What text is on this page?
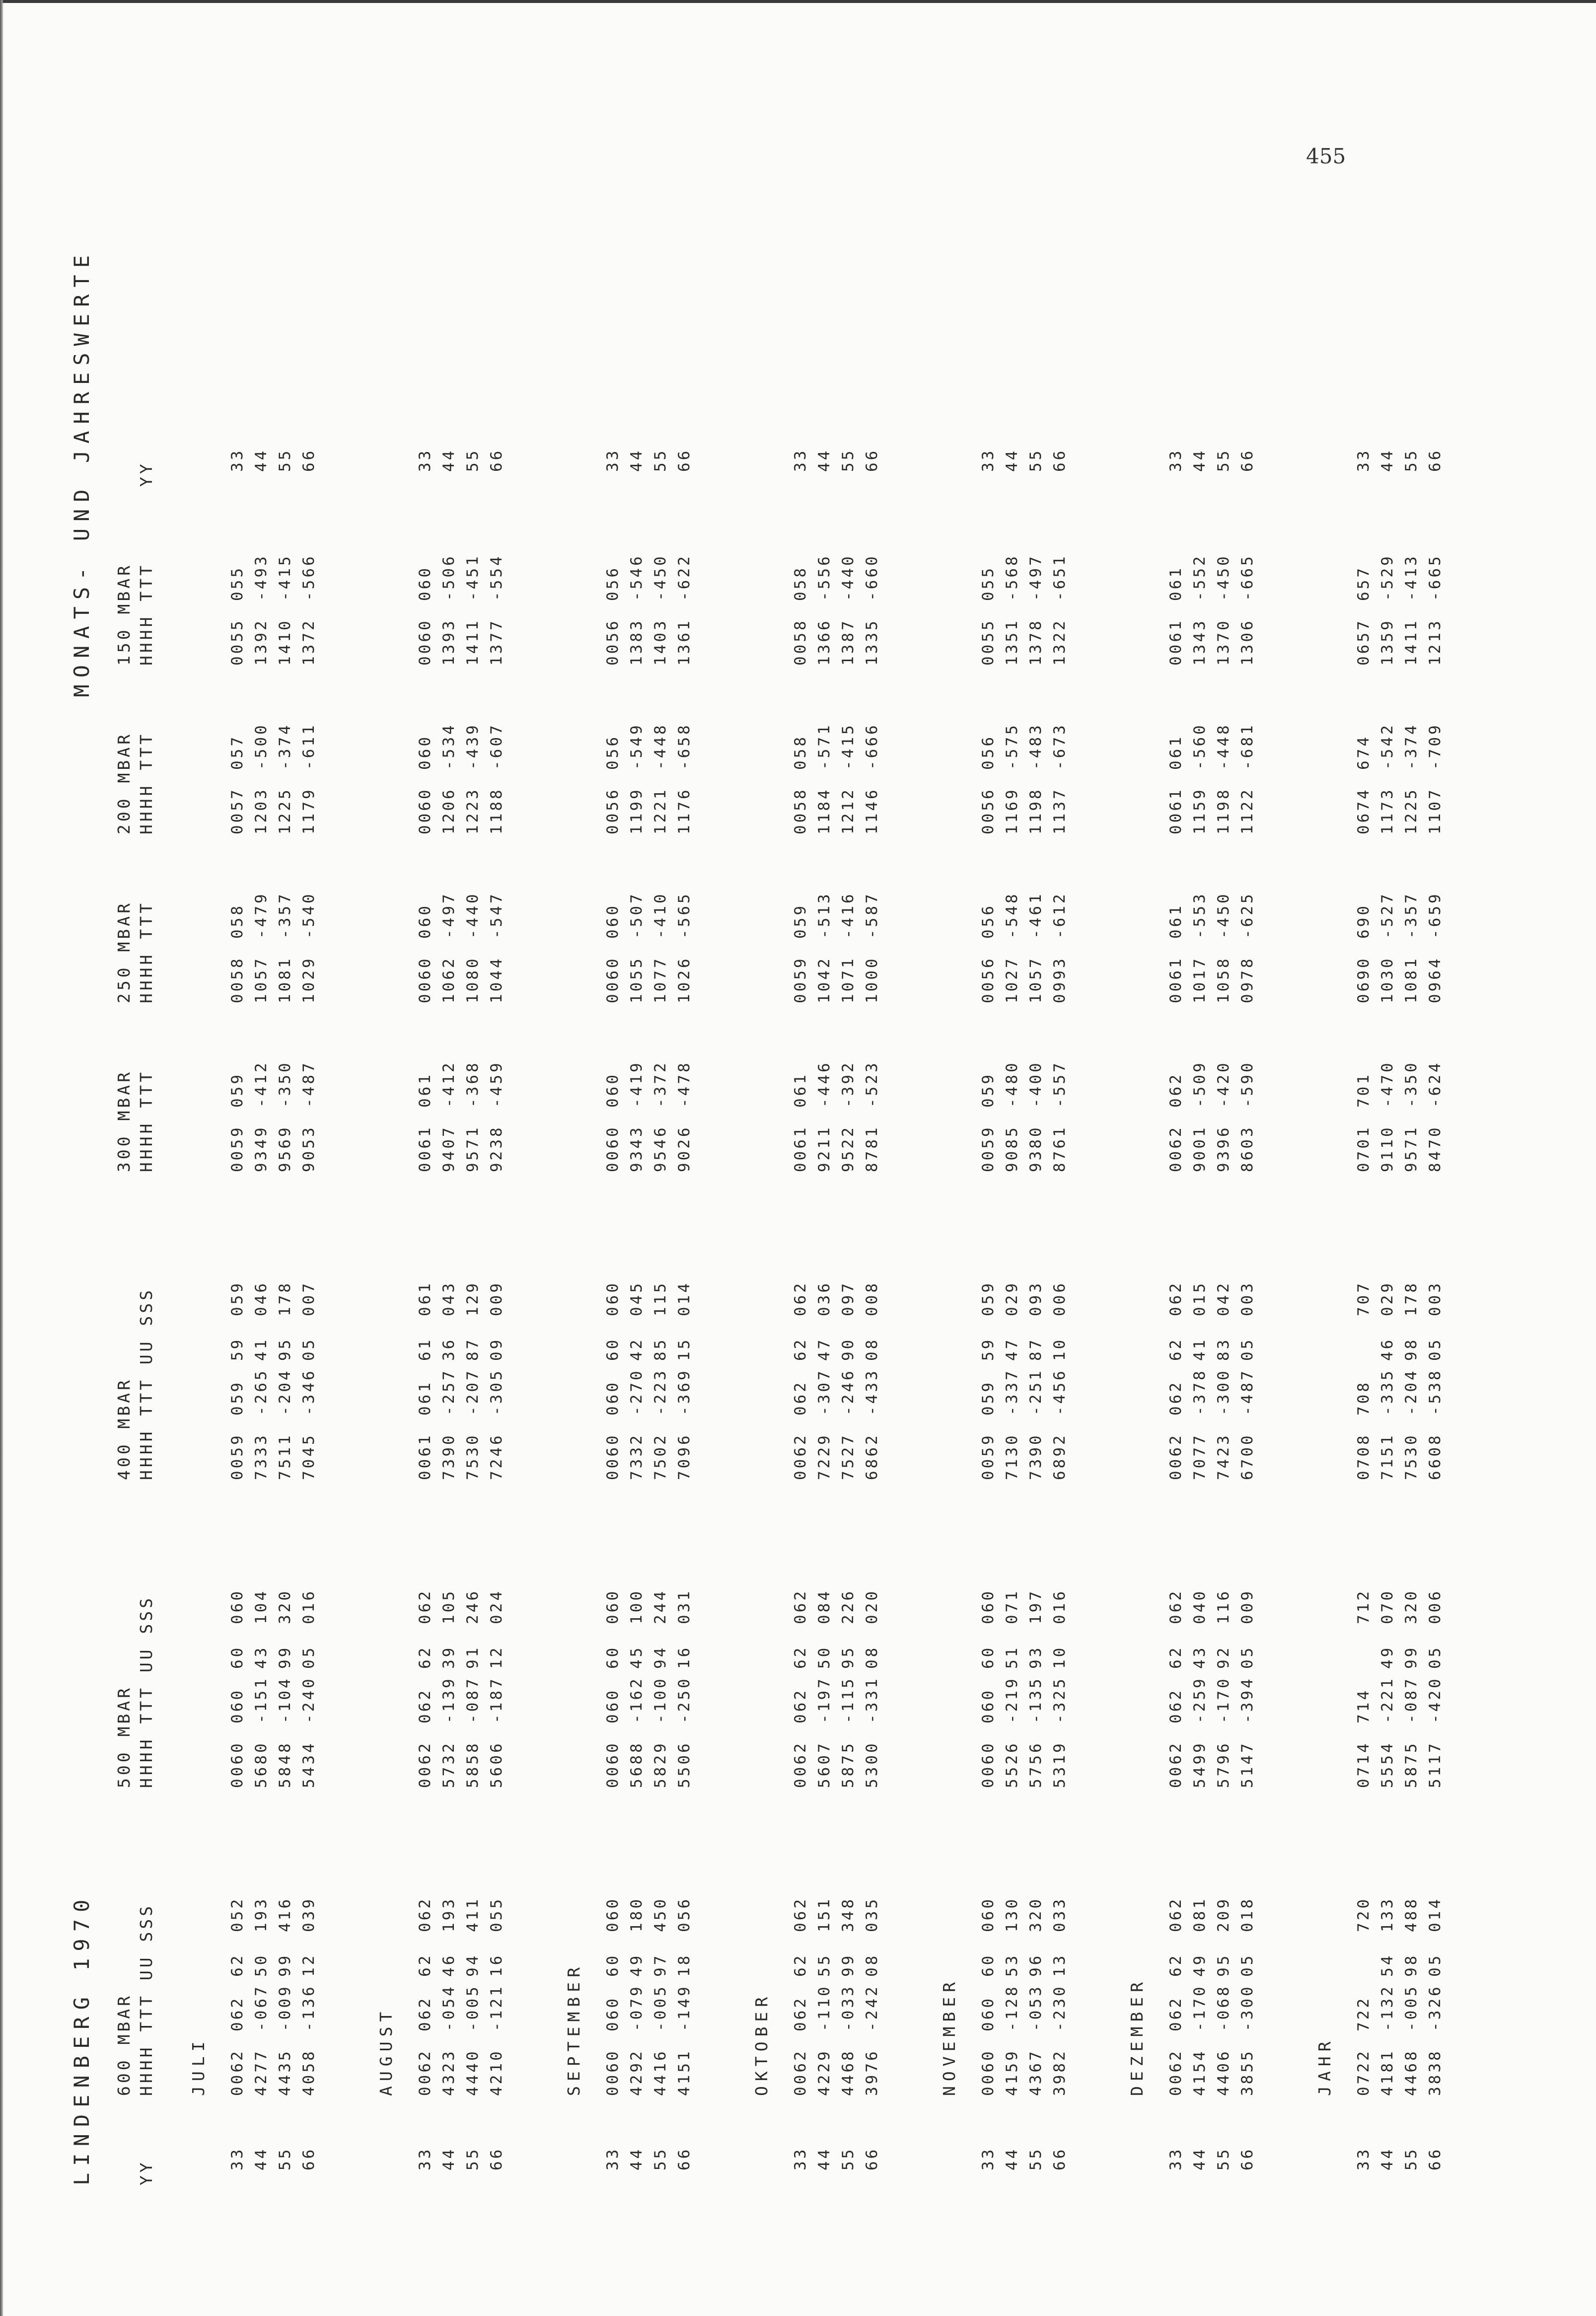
455
LINDENBERG 1970
MONATS- UND JAHRESWERTE
YY
600 MBAR HHHH TTT UU SSS
500 MBAR HHHH TTT UU SSS
400 MBAR HHHH TTT UU SSS
300 MBAR HHHH TTT
250 MBAR HHHH TTT
200 MBAR HHHH TTT
150 MBAR HHHH TTT
YY
JULI
33
0062
062
62
052
0060
060
60
060
0059
059
59
059
0059
059
0058
058
0057
057
0055
055
33
44
4277
-067
50
193
5680
-151
43
104
7333
-265
41
046
9349
-412
1057
-479
1203
-500
1392
-493
44
55
4435
-009
99
416
5848
-104
99
320
7511
-204
95
178
9569
-350
1081
-357
1225
-374
1410
-415
55
66
4058
-136
12
039
5434
-240
05
016
7045
-346
05
007
9053
-487
1029
-540
1179
-611
1372
-566
66
AUGUST
33
0062
062
62
062
0062
062
62
062
0061
061
61
061
0061
061
0060
060
0060
060
0060
060
33
44
4323
-054
46
193
5732
-139
39
105
7390
-257
36
043
9407
-412
1062
-497
1206
-534
1393
-506
44
55
4440
-005
94
411
5858
-087
91
246
7530
-207
87
129
9571
-368
1080
-440
1223
-439
1411
-451
55
66
4210
-121
16
055
5606
-187
12
024
7246
-305
09
009
9238
-459
1044
-547
1188
-607
1377
-554
66
SEPTEMBER
33
0060
060
60
060
0060
060
60
060
0060
060
60
060
0060
060
0060
060
0056
056
0056
056
33
44
4292
-079
49
180
5688
-162
45
100
7332
-270
42
045
9343
-419
1055
-507
1199
-549
1383
-546
44
55
4416
-005
97
450
5829
-100
94
244
7502
-223
85
115
9546
-372
1077
-410
1221
-448
1403
-450
55
66
4151
-149
18
056
5506
-250
16
031
7096
-369
15
014
9026
-478
1026
-565
1176
-658
1361
-622
66
OKTOBER
33
0062
062
62
062
0062
062
62
062
0062
062
62
062
0061
061
0059
059
0058
058
0058
058
33
44
4229
-110
55
151
5607
-197
50
084
7229
-307
47
036
9211
-446
1042
-513
1184
-571
1366
-556
44
55
4468
-033
99
348
5875
-115
95
226
7527
-246
90
097
9522
-392
1071
-416
1212
-415
1387
-440
55
66
3976
-242
08
035
5300
-331
08
020
6862
-433
08
008
8781
-523
1000
-587
1146
-666
1335
-660
66
NOVEMBER
33
0060
060
60
060
0060
060
60
060
0059
059
59
059
0059
059
0056
056
0056
056
0055
055
33
44
4159
-128
53
130
5526
-219
51
071
7130
-337
47
029
9085
-480
1027
-548
1169
-575
1351
-568
44
55
4367
-053
96
320
5756
-135
93
197
7390
-251
87
093
9380
-400
1057
-461
1198
-483
1378
-497
55
66
3982
-230
13
033
5319
-325
10
016
6892
-456
10
006
8761
-557
0993
-612
1137
-673
1322
-651
66
DEZEMBER
33
0062
062
62
062
0062
062
62
062
0062
062
62
062
0062
062
0061
061
0061
061
0061
061
33
44
4154
-170
49
081
5499
-259
43
040
7077
-378
41
015
9001
-509
1017
-553
1159
-560
1343
-552
44
55
4406
-068
95
209
5796
-170
92
116
7423
-300
83
042
9396
-420
1058
-450
1198
-448
1370
-450
55
66
3855
-300
05
018
5147
-394
05
009
6700
-487
05
003
8603
-590
0978
-625
1122
-681
1306
-665
66
JAHR
33
0722
722
720
0714
714
712
0708
708
707
0701
701
0690
690
0674
674
0657
657
33
44
4181
-132
54
133
5554
-221
49
070
7151
-335
46
029
9110
-470
1030
-527
1173
-542
1359
-529
44
55
4468
-005
98
488
5875
-087
99
320
7530
-204
98
178
9571
-350
1081
-357
1225
-374
1411
-413
55
66
3838
-326
05
014
5117
-420
05
006
6608
-538
05
003
8470
-624
0964
-659
1107
-709
1213
-665
66
